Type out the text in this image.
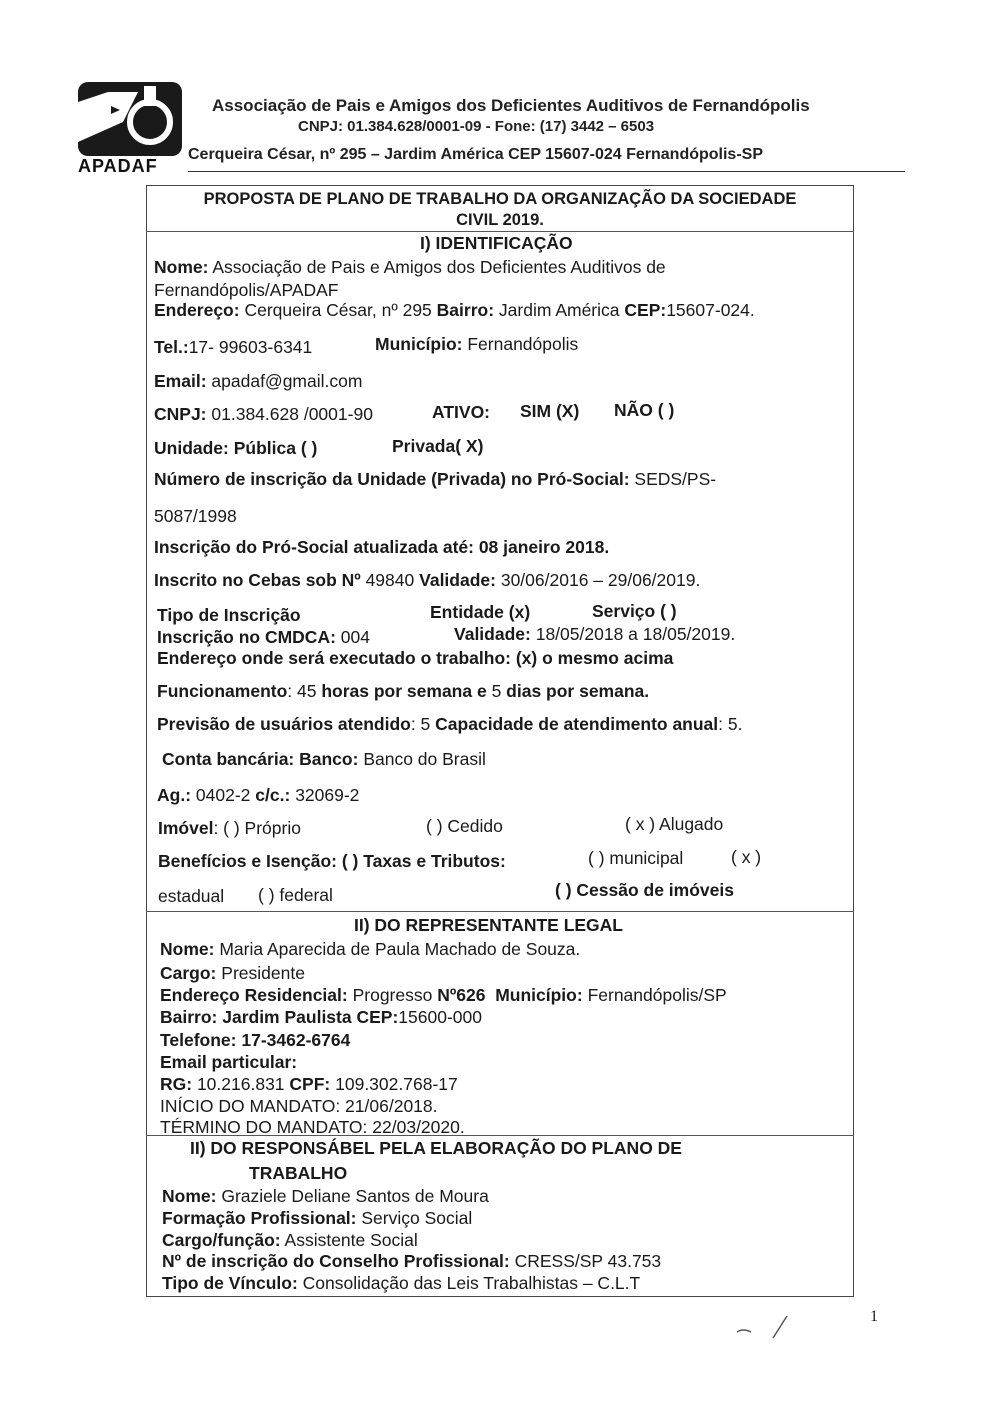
APADAF
Associação de Pais e Amigos dos Deficientes Auditivos de Fernandópolis
CNPJ: 01.384.628/0001-09 - Fone: (17) 3442 – 6503
Cerqueira César, nº 295 – Jardim América CEP 15607-024 Fernandópolis-SP
PROPOSTA DE PLANO DE TRABALHO DA ORGANIZAÇÃO DA SOCIEDADE
CIVIL 2019.
I) IDENTIFICAÇÃO
Nome: Associação de Pais e Amigos dos Deficientes Auditivos de
Fernandópolis/APADAF
Endereço: Cerqueira César, nº 295 Bairro: Jardim América CEP:15607-024.
Tel.:17- 99603-6341	Município: Fernandópolis
Email: apadaf@gmail.com
CNPJ: 01.384.628 /0001-90	ATIVO: SIM (X) NÃO ( )
Unidade: Pública ( )	Privada( X)
Número de inscrição da Unidade (Privada) no Pró-Social: SEDS/PS-
5087/1998
Inscrição do Pró-Social atualizada até: 08 janeiro 2018.
Inscrito no Cebas sob Nº 49840 Validade: 30/06/2016 – 29/06/2019.
Tipo de Inscrição	Entidade (x)	Serviço ( )
Inscrição no CMDCA: 004	Validade: 18/05/2018 a 18/05/2019.
Endereço onde será executado o trabalho: (x) o mesmo acima
Funcionamento: 45 horas por semana e 5 dias por semana.
Previsão de usuários atendido: 5 Capacidade de atendimento anual: 5.
Conta bancária: Banco: Banco do Brasil
Ag.: 0402-2 c/c.: 32069-2
Imóvel: ( ) Próprio	( ) Cedido	( x ) Alugado
Benefícios e Isenção: ( ) Taxas e Tributos:	( ) municipal	( x )
estadual ( ) federal	( ) Cessão de imóveis
II) DO REPRESENTANTE LEGAL
Nome: Maria Aparecida de Paula Machado de Souza.
Cargo: Presidente
Endereço Residencial: Progresso Nº626 Município: Fernandópolis/SP
Bairro: Jardim Paulista CEP:15600-000
Telefone: 17-3462-6764
Email particular:
RG: 10.216.831 CPF: 109.302.768-17
INÍCIO DO MANDATO: 21/06/2018.
TÉRMINO DO MANDATO: 22/03/2020.
II) DO RESPONSÁBEL PELA ELABORAÇÃO DO PLANO DE
TRABALHO
Nome: Graziele Deliane Santos de Moura
Formação Profissional: Serviço Social
Cargo/função: Assistente Social
Nº de inscrição do Conselho Profissional: CRESS/SP 43.753
Tipo de Vínculo: Consolidação das Leis Trabalhistas – C.L.T
1
